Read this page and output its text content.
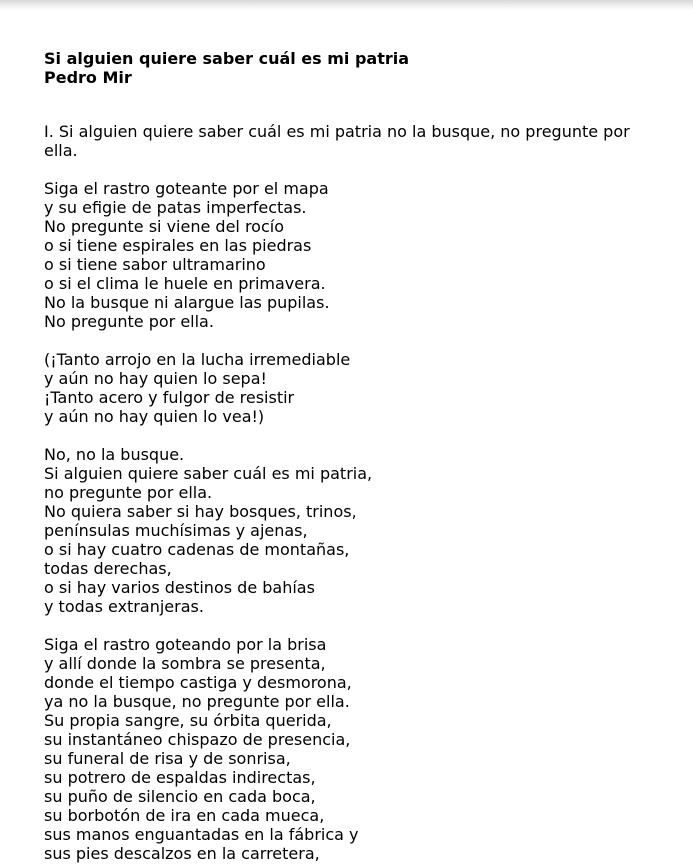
Si alguien quiere saber cuál es mi patria
Pedro Mir
I. Si alguien quiere saber cuál es mi patria no la busque, no pregunte por
ella.
Siga el rastro goteante por el mapa
y su efigie de patas imperfectas.
No pregunte si viene del rocío
o si tiene espirales en las piedras
o si tiene sabor ultramarino
o si el clima le huele en primavera.
No la busque ni alargue las pupilas.
No pregunte por ella.
(¡Tanto arrojo en la lucha irremediable
y aún no hay quien lo sepa!
¡Tanto acero y fulgor de resistir
y aún no hay quien lo vea!)
No, no la busque.
Si alguien quiere saber cuál es mi patria,
no pregunte por ella.
No quiera saber si hay bosques, trinos,
penínsulas muchísimas y ajenas,
o si hay cuatro cadenas de montañas,
todas derechas,
o si hay varios destinos de bahías
y todas extranjeras.
Siga el rastro goteando por la brisa
y allí donde la sombra se presenta,
donde el tiempo castiga y desmorona,
ya no la busque, no pregunte por ella.
Su propia sangre, su órbita querida,
su instantáneo chispazo de presencia,
su funeral de risa y de sonrisa,
su potrero de espaldas indirectas,
su puño de silencio en cada boca,
su borbotón de ira en cada mueca,
sus manos enguantadas en la fábrica y
sus pies descalzos en la carretera,
